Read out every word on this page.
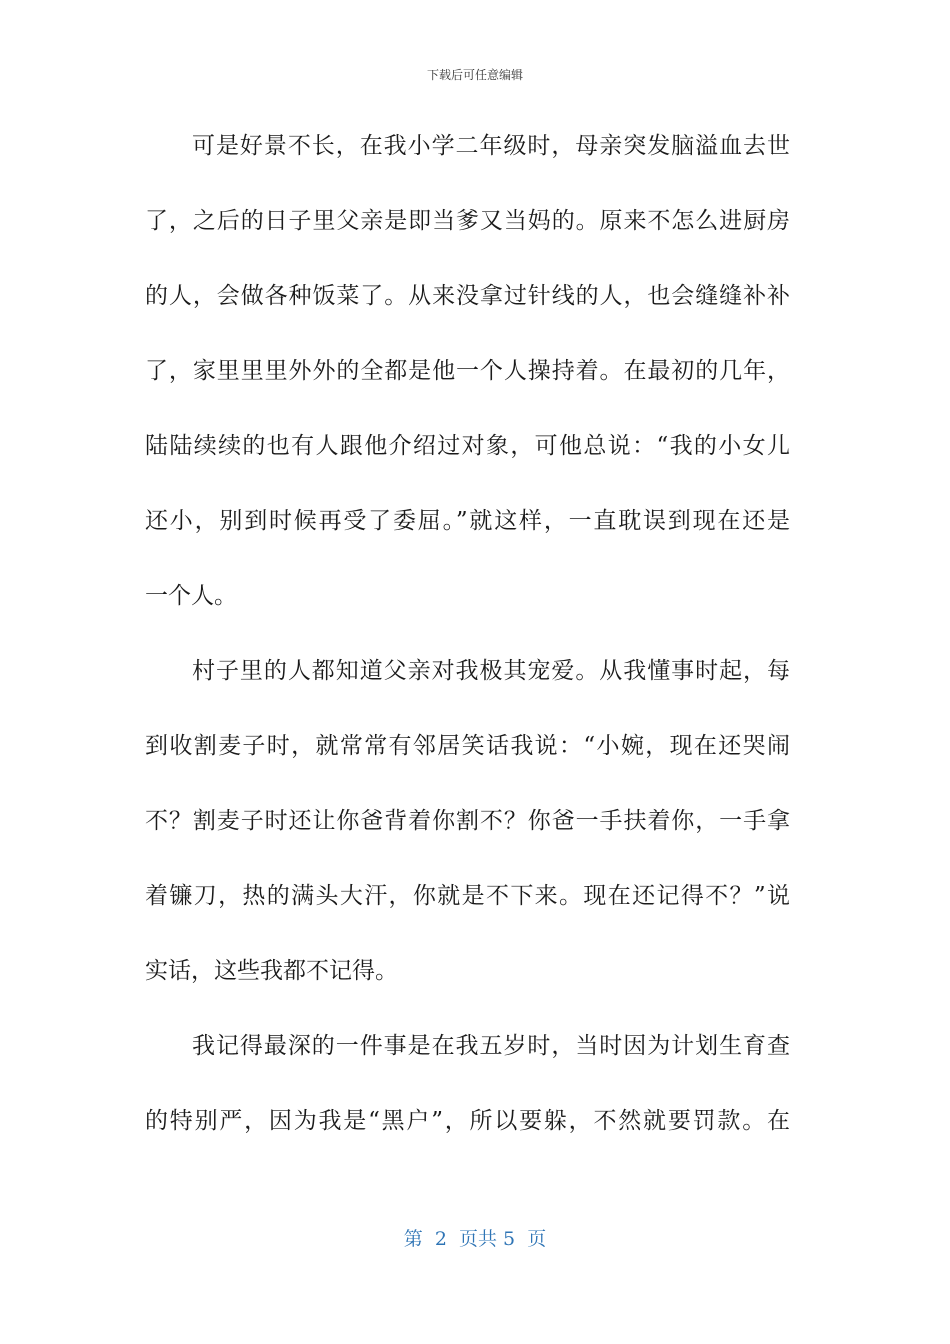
下载后可任意编辑
可是好景不长，在我小学二年级时，母亲突发脑溢血去世
了，之后的日子里父亲是即当爹又当妈的。原来不怎么进厨房
的人，会做各种饭菜了。从来没拿过针线的人，也会缝缝补补
了，家里里里外外的全都是他一个人操持着。在最初的几年，
陆陆续续的也有人跟他介绍过对象，可他总说：“我的小女儿
还小，别到时候再受了委屈。”就这样，一直耽误到现在还是
一个人。
村子里的人都知道父亲对我极其宠爱。从我懂事时起，每
到收割麦子时，就常常有邻居笑话我说：“小婉，现在还哭闹
不？割麦子时还让你爸背着你割不？你爸一手扶着你，一手拿
着镰刀，热的满头大汗，你就是不下来。现在还记得不？”说
实话，这些我都不记得。
我记得最深的一件事是在我五岁时，当时因为计划生育查
的特别严，因为我是“黑户”，所以要躲，不然就要罚款。在
第  2  页共 5  页
